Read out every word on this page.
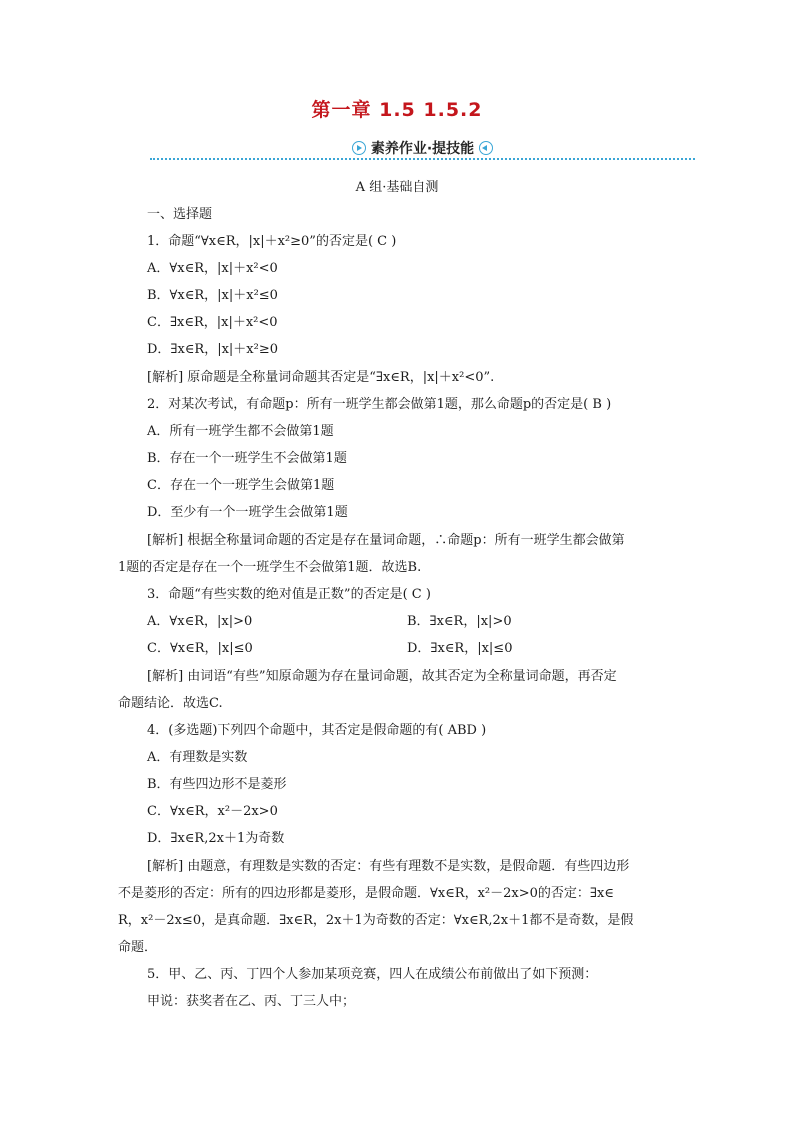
第一章 1.5 1.5.2
素养作业·提技能
A 组·基础自测
一、选择题
1．命题“∀x∈R，|x|＋x²≥0”的否定是( C )
A．∀x∈R，|x|＋x²<0
B．∀x∈R，|x|＋x²≤0
C．∃x∈R，|x|＋x²<0
D．∃x∈R，|x|＋x²≥0
[解析] 原命题是全称量词命题其否定是“∃x∈R，|x|＋x²<0”.
2．对某次考试，有命题p：所有一班学生都会做第1题，那么命题p的否定是( B )
A．所有一班学生都不会做第1题
B．存在一个一班学生不会做第1题
C．存在一个一班学生会做第1题
D．至少有一个一班学生会做第1题
[解析] 根据全称量词命题的否定是存在量词命题，∴命题p：所有一班学生都会做第
1题的否定是存在一个一班学生不会做第1题．故选B.
3．命题“有些实数的绝对值是正数”的否定是( C )
A．∀x∈R，|x|>0	B．∃x∈R，|x|>0
C．∀x∈R，|x|≤0	D．∃x∈R，|x|≤0
[解析] 由词语“有些”知原命题为存在量词命题，故其否定为全称量词命题，再否定
命题结论．故选C.
4．(多选题)下列四个命题中，其否定是假命题的有( ABD )
A．有理数是实数
B．有些四边形不是菱形
C．∀x∈R，x²－2x>0
D．∃x∈R,2x＋1为奇数
[解析] 由题意，有理数是实数的否定：有些有理数不是实数，是假命题．有些四边形
不是菱形的否定：所有的四边形都是菱形，是假命题．∀x∈R，x²－2x>0的否定：∃x∈
R，x²－2x≤0，是真命题．∃x∈R，2x＋1为奇数的否定：∀x∈R,2x＋1都不是奇数，是假
命题．
5．甲、乙、丙、丁四个人参加某项竞赛，四人在成绩公布前做出了如下预测：
甲说：获奖者在乙、丙、丁三人中；
